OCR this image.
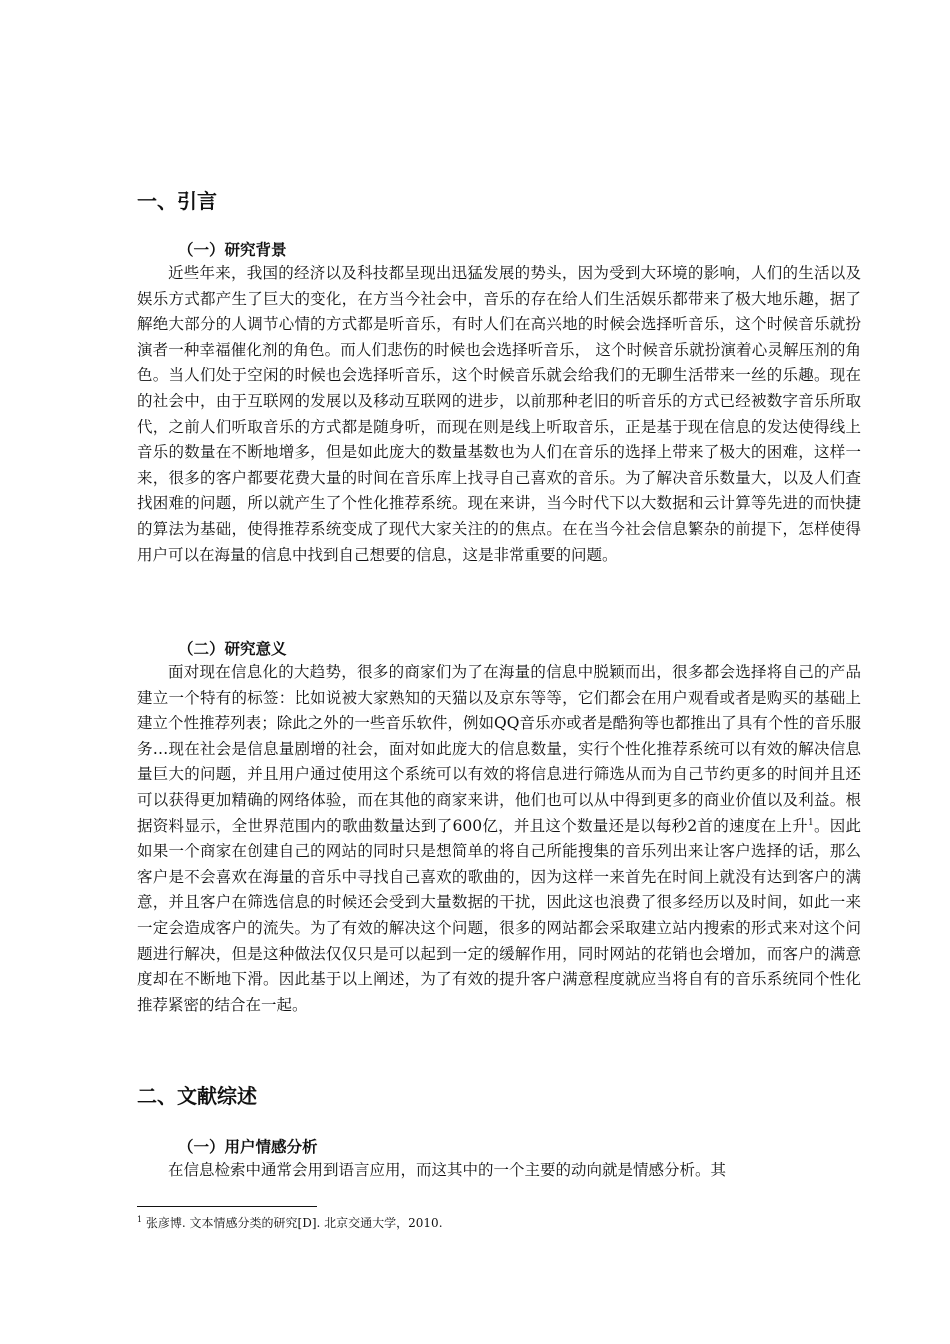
一、引言
（一）研究背景

近些年来，我国的经济以及科技都呈现出迅猛发展的势头，因为受到大环境的影响，人们的生活以及娱乐方式都产生了巨大的变化，在方当今社会中，音乐的存在给人们生活娱乐都带来了极大地乐趣，据了解绝大部分的人调节心情的方式都是听音乐，有时人们在高兴地的时候会选择听音乐，这个时候音乐就扮演者一种幸福催化剂的角色。而人们悲伤的时候也会选择听音乐， 这个时候音乐就扮演着心灵解压剂的角色。当人们处于空闲的时候也会选择听音乐，这个时候音乐就会给我们的无聊生活带来一丝的乐趣。现在的社会中，由于互联网的发展以及移动互联网的进步，以前那种老旧的听音乐的方式已经被数字音乐所取代，之前人们听取音乐的方式都是随身听，而现在则是线上听取音乐，正是基于现在信息的发达使得线上音乐的数量在不断地增多，但是如此庞大的数量基数也为人们在音乐的选择上带来了极大的困难，这样一来，很多的客户都要花费大量的时间在音乐库上找寻自己喜欢的音乐。为了解决音乐数量大，以及人们查找困难的问题，所以就产生了个性化推荐系统。现在来讲，当今时代下以大数据和云计算等先进的而快捷的算法为基础，使得推荐系统变成了现代大家关注的的焦点。在在当今社会信息繁杂的前提下，怎样使得用户可以在海量的信息中找到自己想要的信息，这是非常重要的问题。

（二）研究意义

面对现在信息化的大趋势，很多的商家们为了在海量的信息中脱颖而出，很多都会选择将自己的产品建立一个特有的标签：比如说被大家熟知的天猫以及京东等等，它们都会在用户观看或者是购买的基础上建立个性推荐列表；除此之外的一些音乐软件，例如QQ音乐亦或者是酷狗等也都推出了具有个性的音乐服务…现在社会是信息量剧增的社会，面对如此庞大的信息数量，实行个性化推荐系统可以有效的解决信息量巨大的问题，并且用户通过使用这个系统可以有效的将信息进行筛选从而为自己节约更多的时间并且还可以获得更加精确的网络体验，而在其他的商家来讲，他们也可以从中得到更多的商业价值以及利益。根据资料显示，全世界范围内的歌曲数量达到了600亿，并且这个数量还是以每秒2首的速度在上升$^1$。因此如果一个商家在创建自己的网站的同时只是想简单的将自己所能搜集的音乐列出来让客户选择的话，那么客户是不会喜欢在海量的音乐中寻找自己喜欢的歌曲的，因为这样一来首先在时间上就没有达到客户的满意，并且客户在筛选信息的时候还会受到大量数据的干扰，因此这也浪费了很多经历以及时间，如此一来一定会造成客户的流失。为了有效的解决这个问题，很多的网站都会采取建立站内搜索的形式来对这个问题进行解决，但是这种做法仅仅只是可以起到一定的缓解作用，同时网站的花销也会增加，而客户的满意度却在不断地下滑。因此基于以上阐述，为了有效的提升客户满意程度就应当将自有的音乐系统同个性化推荐紧密的结合在一起。

二、文献综述
（一）用户情感分析

在信息检索中通常会用到语言应用，而这其中的一个主要的动向就是情感分析。其

$^1$ 张彦博. 文本情感分类的研究[D]. 北京交通大学，2010.
